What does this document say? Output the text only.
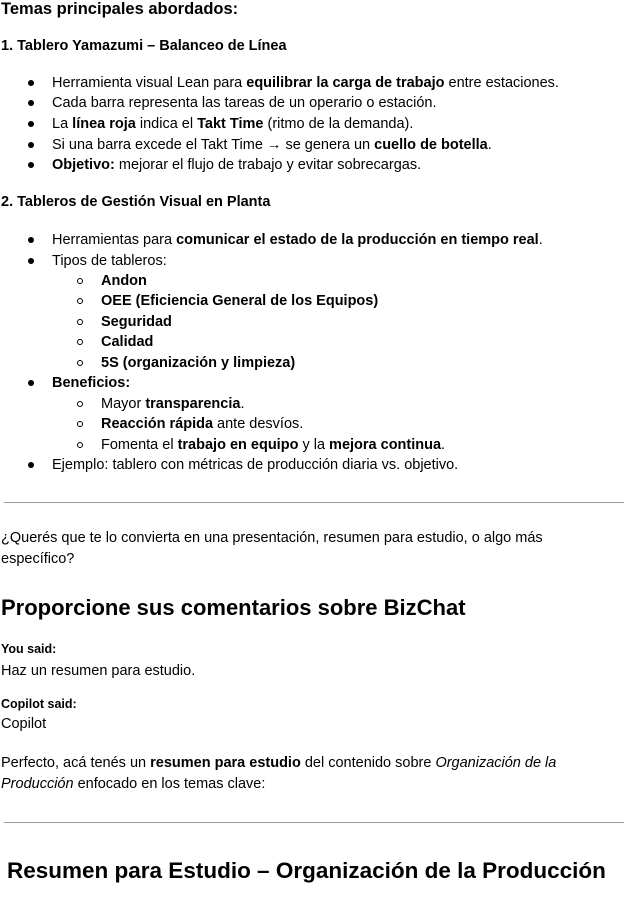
Temas principales abordados:
1. Tablero Yamazumi – Balanceo de Línea
Herramienta visual Lean para equilibrar la carga de trabajo entre estaciones.
Cada barra representa las tareas de un operario o estación.
La línea roja indica el Takt Time (ritmo de la demanda).
Si una barra excede el Takt Time → se genera un cuello de botella.
Objetivo: mejorar el flujo de trabajo y evitar sobrecargas.
2. Tableros de Gestión Visual en Planta
Herramientas para comunicar el estado de la producción en tiempo real.
Tipos de tableros:
Andon
OEE (Eficiencia General de los Equipos)
Seguridad
Calidad
5S (organización y limpieza)
Beneficios:
Mayor transparencia.
Reacción rápida ante desvíos.
Fomenta el trabajo en equipo y la mejora continua.
Ejemplo: tablero con métricas de producción diaria vs. objetivo.
¿Querés que te lo convierta en una presentación, resumen para estudio, o algo más específico?
Proporcione sus comentarios sobre BizChat
You said:
Haz un resumen para estudio.
Copilot said:
Copilot
Perfecto, acá tenés un resumen para estudio del contenido sobre Organización de la Producción enfocado en los temas clave:
Resumen para Estudio – Organización de la Producción
